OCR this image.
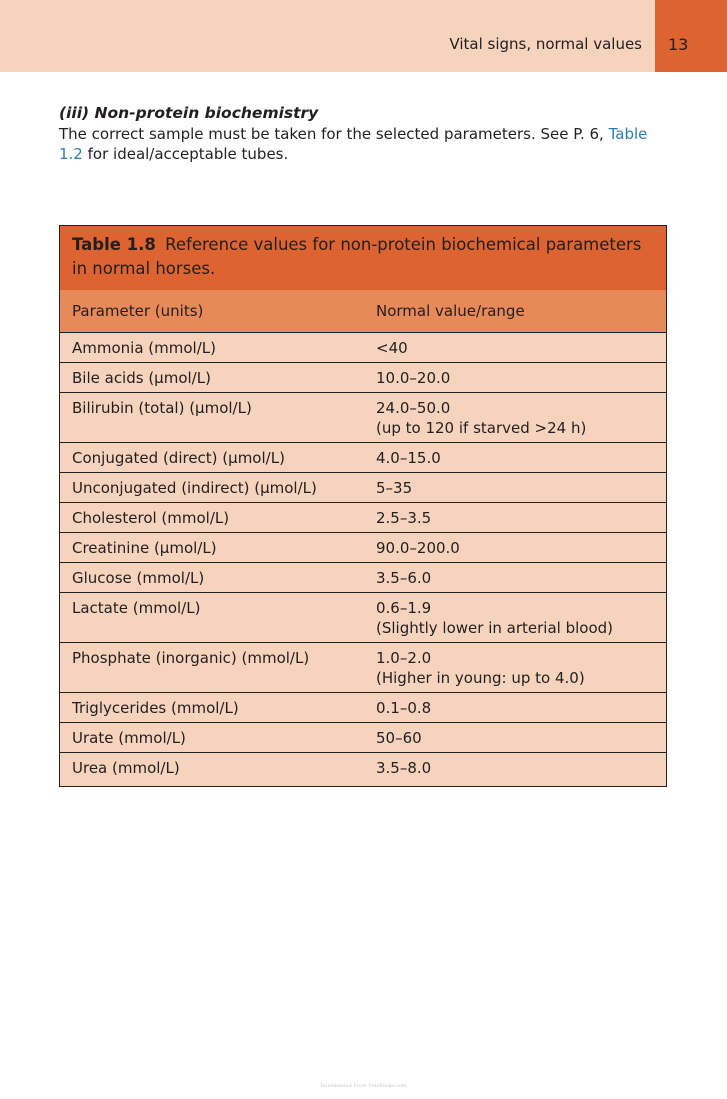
Vital signs, normal values 13
(iii) Non-protein biochemistry
The correct sample must be taken for the selected parameters. See P. 6, Table 1.2 for ideal/acceptable tubes.
Table 1.8 Reference values for non-protein biochemical parameters in normal horses.
Parameter (units)	Normal value/range
Ammonia (mmol/L)	<40

Bile acids (μmol/L)	10.0–20.0

Bilirubin (total) (μmol/L)	24.0–50.0
(up to 120 if starved >24 h)

Conjugated (direct) (μmol/L)	4.0–15.0

Unconjugated (indirect) (μmol/L)	5–35

Cholesterol (mmol/L)	2.5–3.5

Creatinine (μmol/L)	90.0–200.0

Glucose (mmol/L)	3.5–6.0

Lactate (mmol/L)	0.6–1.9
(Slightly lower in arterial blood)

Phosphate (inorganic) (mmol/L)	1.0–2.0
(Higher in young: up to 4.0)

Triglycerides (mmol/L)	0.1–0.8

Urate (mmol/L)	50–60

Urea (mmol/L)	3.5–8.0
Downloaded From VetsBooks.com
